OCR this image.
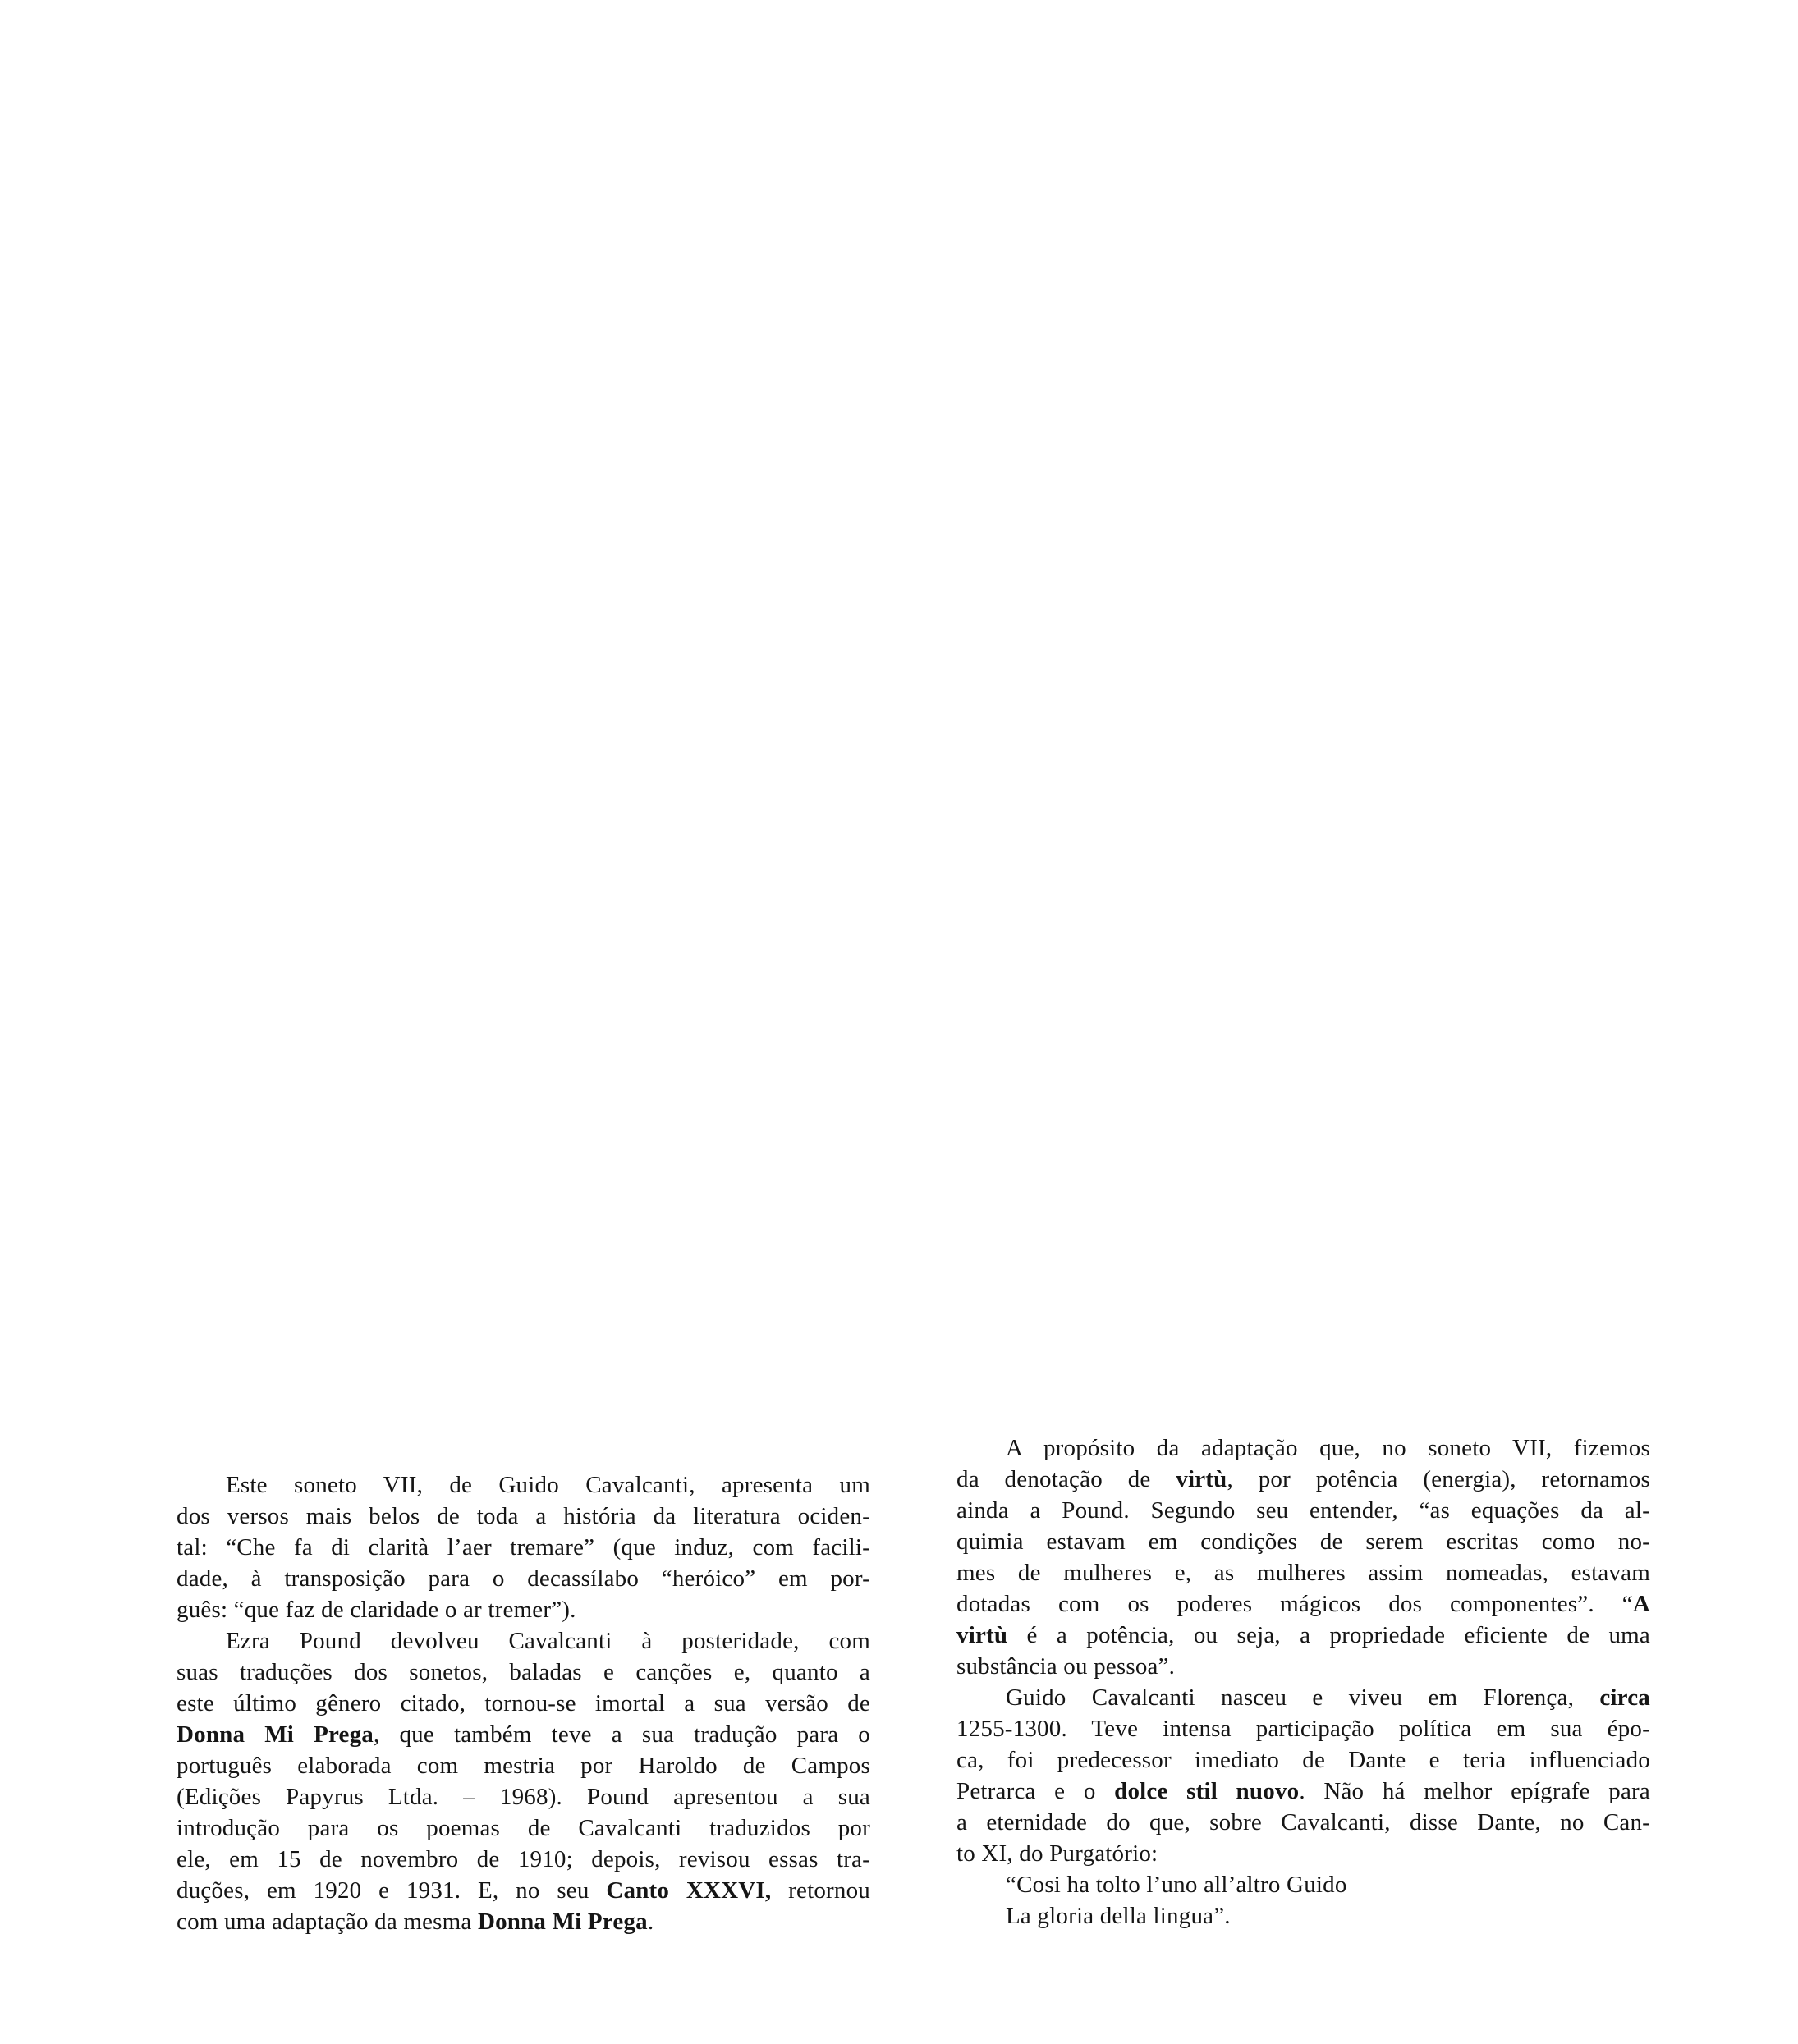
Este soneto VII, de Guido Cavalcanti, apresenta um
dos versos mais belos de toda a história da literatura ociden-
tal: “Che fa di clarità l’aer tremare” (que induz, com facili-
dade, à transposição para o decassílabo “heróico” em por-
guês: “que faz de claridade o ar tremer”).
Ezra Pound devolveu Cavalcanti à posteridade, com
suas traduções dos sonetos, baladas e canções e, quanto a
este último gênero citado, tornou-se imortal a sua versão de
Donna Mi Prega, que também teve a sua tradução para o
português elaborada com mestria por Haroldo de Campos
(Edições Papyrus Ltda. – 1968). Pound apresentou a sua
introdução para os poemas de Cavalcanti traduzidos por
ele, em 15 de novembro de 1910; depois, revisou essas tra-
duções, em 1920 e 1931. E, no seu Canto XXXVI, retornou
com uma adaptação da mesma Donna Mi Prega.
A propósito da adaptação que, no soneto VII, fizemos
da denotação de virtù, por potência (energia), retornamos
ainda a Pound. Segundo seu entender, “as equações da al-
quimia estavam em condições de serem escritas como no-
mes de mulheres e, as mulheres assim nomeadas, estavam
dotadas com os poderes mágicos dos componentes”. “A
virtù é a potência, ou seja, a propriedade eficiente de uma
substância ou pessoa”.
Guido Cavalcanti nasceu e viveu em Florença, circa
1255-1300. Teve intensa participação política em sua épo-
ca, foi predecessor imediato de Dante e teria influenciado
Petrarca e o dolce stil nuovo. Não há melhor epígrafe para
a eternidade do que, sobre Cavalcanti, disse Dante, no Can-
to XI, do Purgatório:
“Cosi ha tolto l’uno all’altro Guido
La gloria della lingua”.
